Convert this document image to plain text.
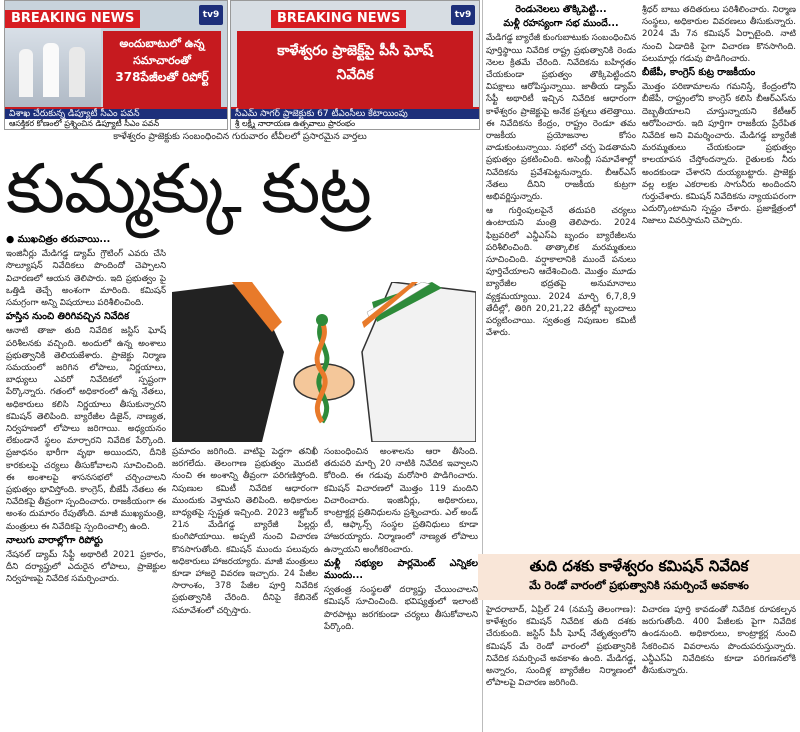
BREAKING NEWS	tv9
అందుబాటులో ఉన్న
సమాచారంతో
378పేజీలతో రిపోర్ట్
విశాఖ చేరుకున్న డిప్యూటీ సీఎం పవన్
ఆసక్తికర కోణంలో ప్రశ్నించిన డిప్యూటీ సీఎం పవన్
BREAKING NEWS	tv9
కాళేశ్వరం ప్రాజెక్ట్‌పై పీసీ ఘోష్
నివేదిక
సీఎమ్ సాగర్ ప్రాజెక్టుకు 67 టీఎంసీలు కేటాయింపు
శ్రీ లక్ష్మీ నారాయణ ఉత్సవాలు ప్రారంభం
కాళేశ్వరం ప్రాజెక్టుకు సంబంధించిన గురువారం టీవీలలో ప్రసారమైన వార్తలు
కుమ్మక్కు కుట్ర

● ముఖచిత్రం తరువాయి...

ఇంజినీర్లు మేడిగడ్డ డ్యామ్ గ్రౌటింగ్ ఎవరు చేసి సొల్యూషన్ నివేదికలు పొందిందో చెప్పాలని విచారణలో ఆయన తెలిపారు. ఇది ప్రభుత్వం పై ఒత్తిడి తెచ్చే అంశంగా మారింది. కమిషన్ సమగ్రంగా అన్ని విషయాలు పరిశీలించింది.

హస్తిన నుంచి తిరిగివచ్చిన నివేదిక

ఆనాటి తాజా తుది నివేదిక జస్టిస్ ఘోష్ పరిశీలనకు వచ్చింది. అందులో ఉన్న అంశాలు ప్రభుత్వానికి తెలియజేశారు. ప్రాజెక్టు నిర్మాణ సమయంలో జరిగిన లోపాలు, నిర్ణయాలు, బాధ్యులు ఎవరో నివేదికలో స్పష్టంగా పేర్కొన్నారు. గతంలో అధికారంలో ఉన్న నేతలు, అధికారులు కలిసి నిర్ణయాలు తీసుకున్నారని కమిషన్ తెలిపింది. బ్యారేజీల డిజైన్, నాణ్యత, నిర్వహణలో లోపాలు జరిగాయి. అధ్యయనం లేకుండానే స్థలం మార్చారని నివేదిక పేర్కొంది. ప్రజాధనం భారీగా వృథా అయిందని, దీనికి కారకులపై చర్యలు తీసుకోవాలని సూచించింది. ఈ అంశాలపై శాసనసభలో చర్చించాలని ప్రభుత్వం భావిస్తోంది. కాంగ్రెస్, బీజేపీ నేతలు ఈ నివేదికపై తీవ్రంగా స్పందించారు. రాజకీయంగా ఈ అంశం దుమారం రేపుతోంది. మాజీ ముఖ్యమంత్రి, మంత్రులు ఈ నివేదికపై స్పందించాల్సి ఉంది.

నాలుగు వారాల్లోగా రిపోర్టు

నేషనల్ డ్యామ్ సేఫ్టీ అథారిటీ 2021 ప్రకారం, దీని దర్యాప్తులో ఎదురైన లోపాలు, ప్రాజెక్టుల నిర్వహణపై నివేదిక సమర్పించారు.

ప్రమాదం జరిగింది. వాటిపై పెద్దగా తనిఖీ జరగలేదు. తెలంగాణ ప్రభుత్వం మొదటి నుంచి ఈ అంశాన్ని తీవ్రంగా పరిగణిస్తోంది. నిపుణుల కమిటీ నివేదిక ఆధారంగా ముందుకు వెళ్తామని తెలిపింది. అధికారుల బాధ్యతపై స్పష్టత ఇచ్చింది. 2023 అక్టోబర్ 21న మేడిగడ్డ బ్యారేజీ పిల్లర్లు కుంగిపోయాయి. అప్పటి నుంచి విచారణ కొనసాగుతోంది. కమిషన్ ముందు పలువురు అధికారులు హాజరయ్యారు. మాజీ మంత్రులు కూడా హాజరై వివరణ ఇచ్చారు. 24 పేజీల సారాంశం, 378 పేజీల పూర్తి నివేదిక ప్రభుత్వానికి చేరింది. దీనిపై కేబినెట్ సమావేశంలో చర్చిస్తారు.

సంబంధించిన అంశాలను ఆరా తీసింది. తదుపరి మార్చి 20 నాటికి నివేదిక ఇవ్వాలని కోరింది. ఈ గడువు మరోసారి పొడిగించారు. కమిషన్ విచారణలో మొత్తం 119 మందిని విచారించారు. ఇంజినీర్లు, అధికారులు, కాంట్రాక్టర్ల ప్రతినిధులను ప్రశ్నించారు. ఎల్ అండ్ టీ, ఆఫ్కాన్స్ సంస్థల ప్రతినిధులు కూడా హాజరయ్యారు. నిర్మాణంలో నాణ్యత లోపాలు ఉన్నాయని అంగీకరించారు.

మళ్లీ సభ్యుల పార్లమెంట్ ఎన్నికల ముందు...

స్వతంత్ర సంస్థలతో దర్యాప్తు చేయించాలని కమిషన్ సూచించింది. భవిష్యత్తులో ఇలాంటి పొరపాట్లు జరగకుండా చర్యలు తీసుకోవాలని పేర్కొంది.

రెండునెలలు తొక్కిపెట్టి...

మళ్లీ రహస్యంగా సభ ముందే...

మేడిగడ్డ బ్యారేజీ కుంగుబాటుకు సంబంధించిన పూర్తిస్థాయి నివేదిక రాష్ట్ర ప్రభుత్వానికి రెండు నెలల క్రితమే చేరింది. నివేదికను బహిర్గతం చేయకుండా ప్రభుత్వం తొక్కిపెట్టిందని విపక్షాలు ఆరోపిస్తున్నాయి. జాతీయ డ్యామ్ సేఫ్టీ అథారిటీ ఇచ్చిన నివేదిక ఆధారంగా కాళేశ్వరం ప్రాజెక్టుపై అనేక ప్రశ్నలు తలెత్తాయి. ఈ నివేదికను కేంద్రం, రాష్ట్రం రెండూ తమ రాజకీయ ప్రయోజనాల కోసం వాడుకుంటున్నాయి. సభలో చర్చ పెడతామని ప్రభుత్వం ప్రకటించింది. అసెంబ్లీ సమావేశాల్లో నివేదికను ప్రవేశపెట్టనున్నారు. బీఆర్ఎస్ నేతలు దీనిని రాజకీయ కుట్రగా అభివర్ణిస్తున్నారు.

ఆ గుర్తింపులపైనే తదుపరి చర్యలు ఉంటాయని మంత్రి తెలిపారు. 2024 ఫిబ్రవరిలో ఎన్డీఎస్ఏ బృందం బ్యారేజీలను పరిశీలించింది. తాత్కాలిక మరమ్మతులు సూచించింది. వర్షాకాలానికి ముందే పనులు పూర్తిచేయాలని ఆదేశించింది. మొత్తం మూడు బ్యారేజీల భద్రతపై అనుమానాలు వ్యక్తమయ్యాయి. 2024 మార్చి 6,7,8,9 తేదీల్లో, తిరిగి 20,21,22 తేదీల్లో బృందాలు పర్యటించాయి. స్వతంత్ర నిపుణుల కమిటీ వేశారు.

శ్రీధర్ బాబు తదితరులు పరిశీలించారు. నిర్మాణ సంస్థలు, అధికారుల వివరణలు తీసుకున్నారు. 2024 మే 7న కమిషన్ ఏర్పాటైంది. నాటి నుంచి ఏడాదికి పైగా విచారణ కొనసాగింది. పలుమార్లు గడువు పొడిగించారు.

బీజేపీ, కాంగ్రెస్ కుట్ర రాజకీయం

మొత్తం పరిణామాలను గమనిస్తే, కేంద్రంలోని బీజేపీ, రాష్ట్రంలోని కాంగ్రెస్ కలిసి బీఆర్ఎస్‌ను దెబ్బతీయాలని చూస్తున్నాయని కేటీఆర్ ఆరోపించారు. ఇది పూర్తిగా రాజకీయ ప్రేరేపిత నివేదిక అని విమర్శించారు. మేడిగడ్డ బ్యారేజీ మరమ్మతులు చేయకుండా ప్రభుత్వం కాలయాపన చేస్తోందన్నారు. రైతులకు నీరు అందకుండా చేశారని దుయ్యబట్టారు. ప్రాజెక్టు వల్ల లక్షల ఎకరాలకు సాగునీరు అందిందని గుర్తుచేశారు. కమిషన్ నివేదికను న్యాయపరంగా ఎదుర్కొంటామని స్పష్టం చేశారు. ప్రజాక్షేత్రంలో నిజాలు వివరిస్తామని చెప్పారు.

తుది దశకు కాళేశ్వరం కమిషన్ నివేదిక
మే రెండో వారంలో ప్రభుత్వానికి సమర్పించే అవకాశం

హైదరాబాద్, ఏప్రిల్ 24 (నమస్తే తెలంగాణ): కాళేశ్వరం కమిషన్ నివేదిక తుది దశకు చేరుకుంది. జస్టిస్ పీసీ ఘోష్ నేతృత్వంలోని కమిషన్ మే రెండో వారంలో ప్రభుత్వానికి నివేదిక సమర్పించే అవకాశం ఉంది. మేడిగడ్డ, అన్నారం, సుందిళ్ల బ్యారేజీల నిర్మాణంలో లోపాలపై విచారణ జరిగింది.

విచారణ పూర్తి కావడంతో నివేదిక రూపకల్పన జరుగుతోంది. 400 పేజీలకు పైగా నివేదిక ఉండనుంది. అధికారులు, కాంట్రాక్టర్ల నుంచి సేకరించిన వివరాలను పొందుపరుస్తున్నారు. ఎన్డీఎస్ఏ నివేదికను కూడా పరిగణనలోకి తీసుకున్నారు.
